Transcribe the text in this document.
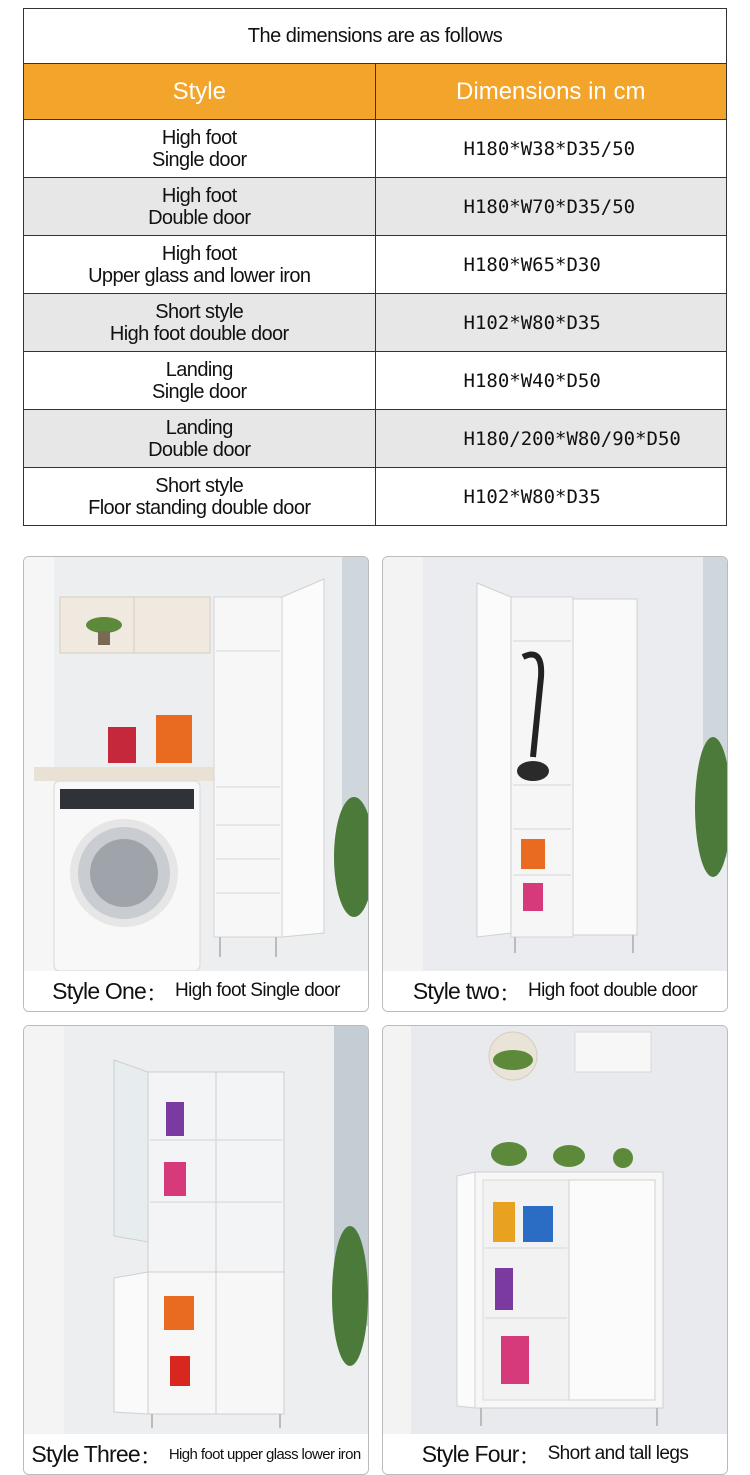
The dimensions are as follows	
Style	Dimensions in cm

High foot
Single door	H180*W38*D35/50

High foot
Double door	H180*W70*D35/50

High foot
Upper glass and lower iron	H180*W65*D30

Short style
High foot double door	H102*W80*D35

Landing
Single door	H180*W40*D50

Landing
Double door	H180/200*W80/90*D50

Short style
Floor standing double door	H102*W80*D35
Style One ： High foot Single door	Style two ： High foot double door
Style Three ： High foot upper glass lower iron	Style Four ： Short and tall legs
